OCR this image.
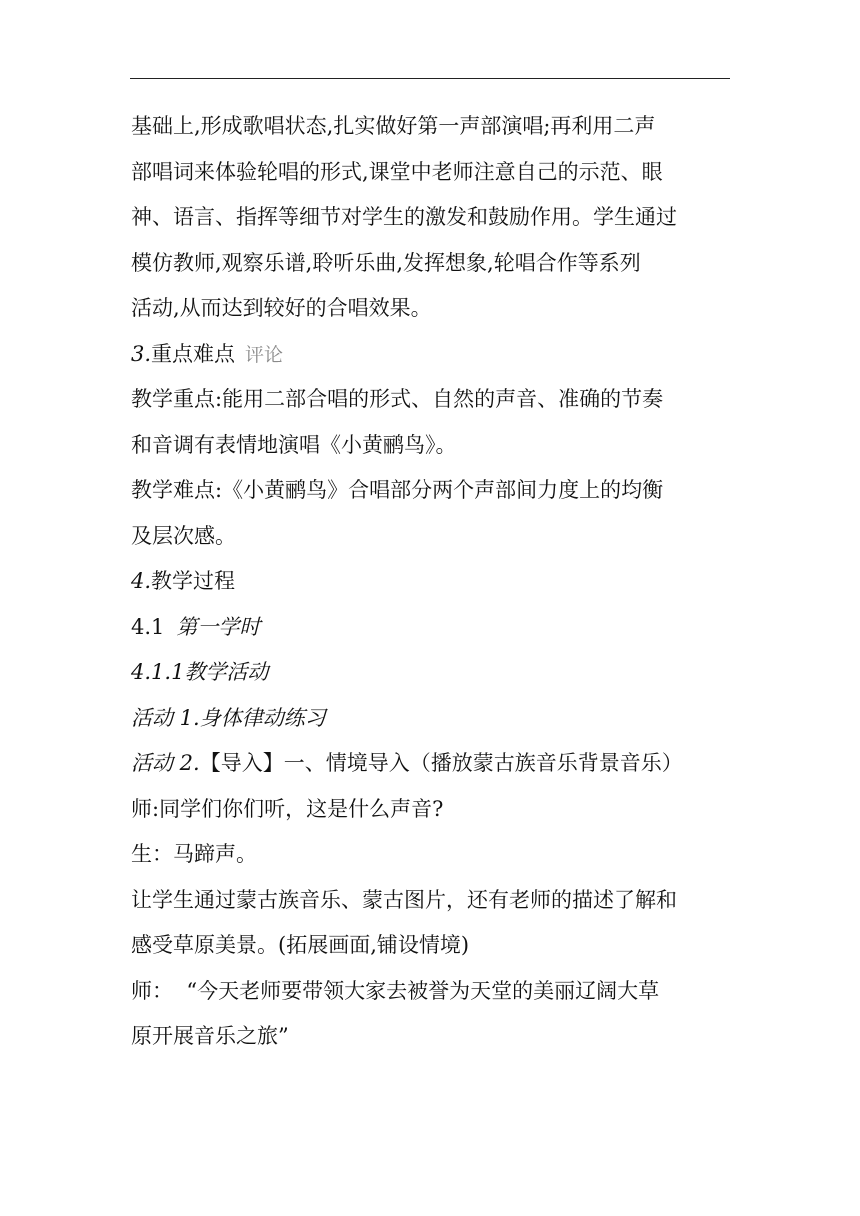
基础上,形成歌唱状态,扎实做好第一声部演唱;再利用二声
部唱词来体验轮唱的形式,课堂中老师注意自己的示范、眼
神、语言、指挥等细节对学生的激发和鼓励作用。学生通过
模仿教师,观察乐谱,聆听乐曲,发挥想象,轮唱合作等系列
活动,从而达到较好的合唱效果。
3.重点难点 评论
教学重点:能用二部合唱的形式、自然的声音、准确的节奏
和音调有表情地演唱《小黄鹂鸟》。
教学难点:《小黄鹂鸟》合唱部分两个声部间力度上的均衡
及层次感。
4.教学过程
4.1 第一学时
4.1.1教学活动
活动 1.身体律动练习
活动 2.【导入】一、情境导入（播放蒙古族音乐背景音乐）
师:同学们你们听，这是什么声音?
生：马蹄声。
让学生通过蒙古族音乐、蒙古图片，还有老师的描述了解和
感受草原美景。(拓展画面,铺设情境)
师：  “今天老师要带领大家去被誉为天堂的美丽辽阔大草
原开展音乐之旅”
